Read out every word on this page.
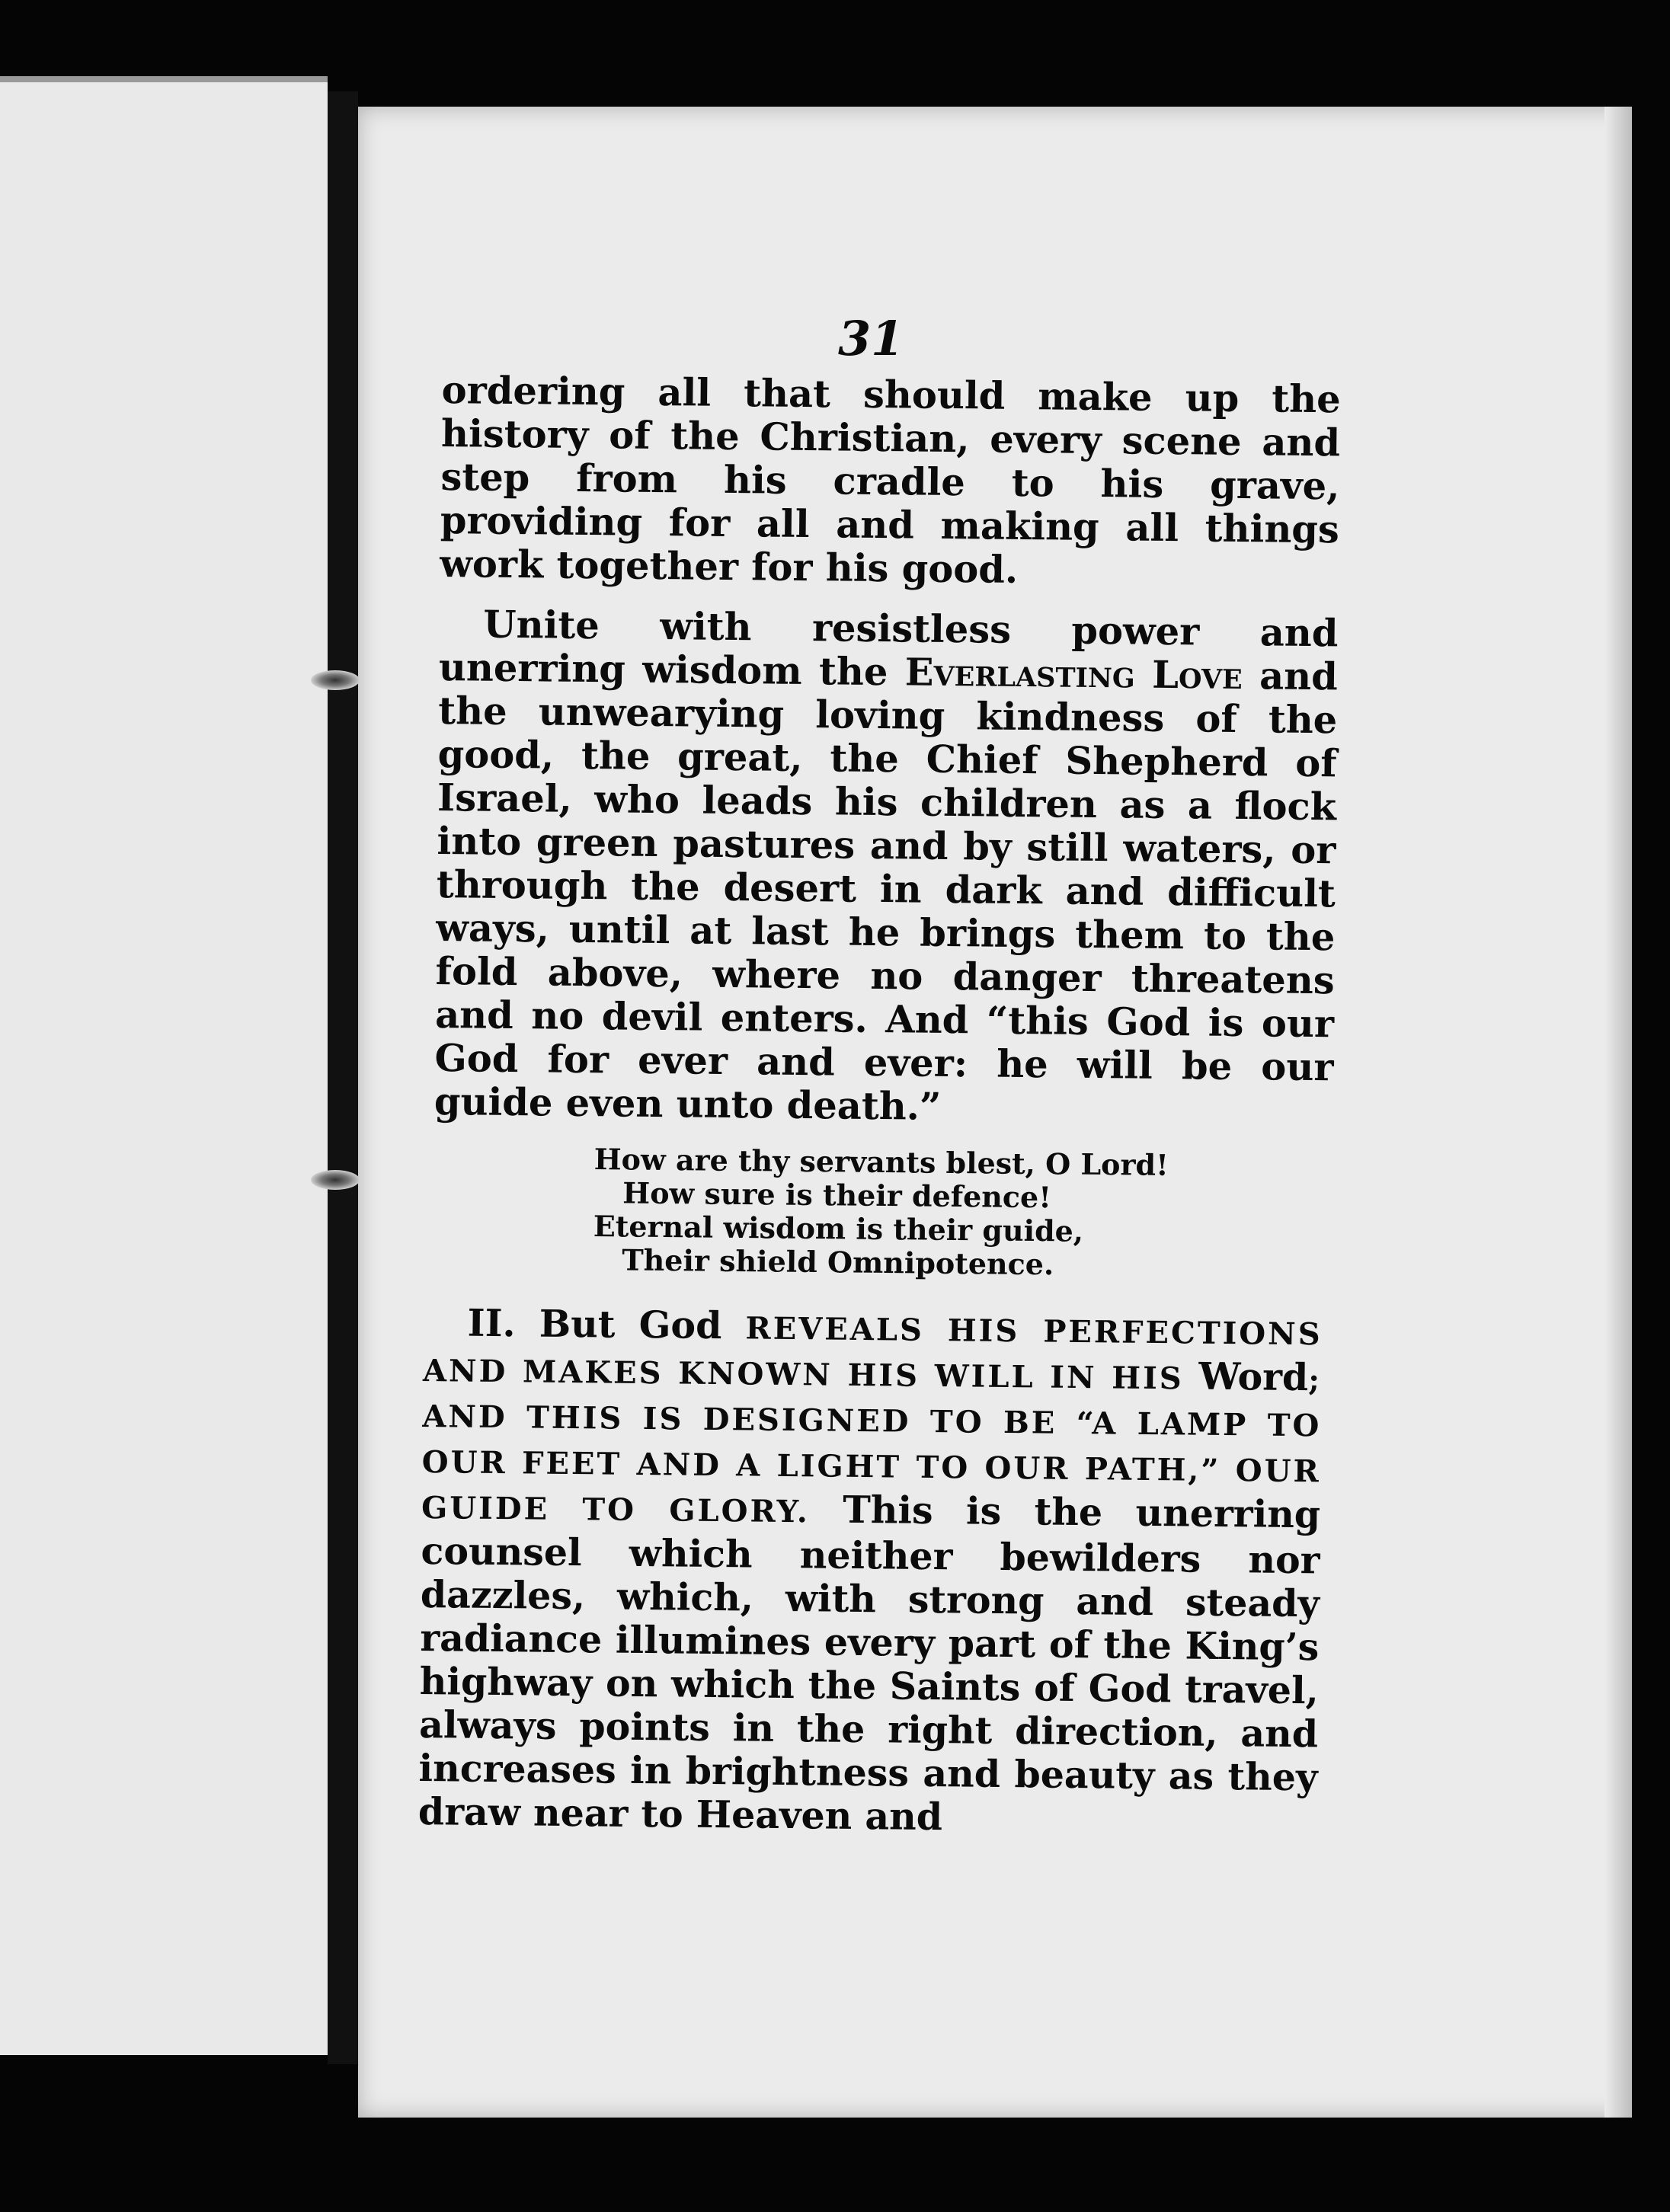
31

ordering all that should make up the history of the Christian, every scene and step from his cradle to his grave, providing for all and making all things work together for his good.

Unite with resistless power and unerring wisdom the Everlasting Love and the unwearying loving kindness of the good, the great, the Chief Shepherd of Israel, who leads his children as a flock into green pastures and by still waters, or through the desert in dark and difficult ways, until at last he brings them to the fold above, where no danger threatens and no devil enters. And “this God is our God for ever and ever: he will be our guide even unto death.”

How are thy servants blest, O Lord!
How sure is their defence!
Eternal wisdom is their guide,
Their shield Omnipotence.

II. But God REVEALS HIS PERFECTIONS AND MAKES KNOWN HIS WILL IN HIS Word; AND THIS IS DESIGNED TO BE “A LAMP TO OUR FEET AND A LIGHT TO OUR PATH,” OUR GUIDE TO GLORY. This is the unerring counsel which neither bewilders nor dazzles, which, with strong and steady radiance illumines every part of the King’s highway on which the Saints of God travel, always points in the right direction, and increases in brightness and beauty as they draw near to Heaven and
